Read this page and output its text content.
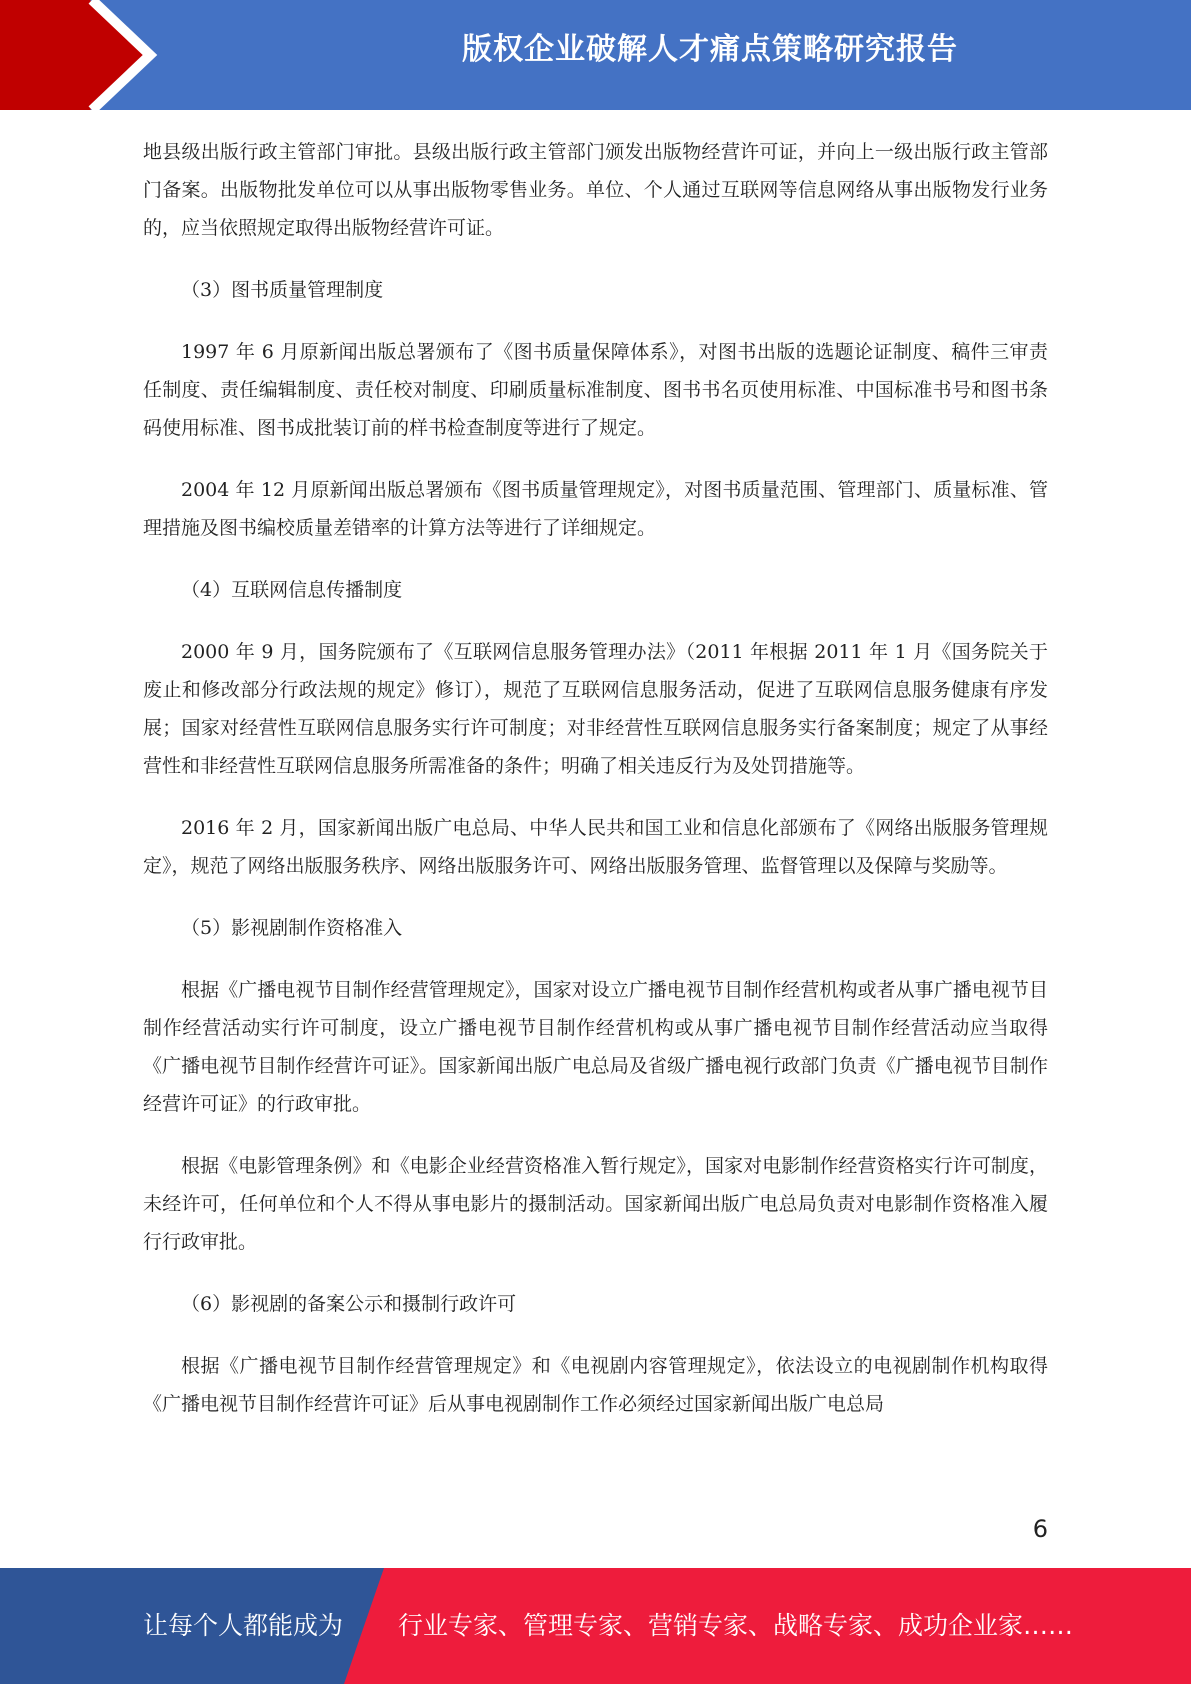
版权企业破解人才痛点策略研究报告

地县级出版行政主管部门审批。县级出版行政主管部门颁发出版物经营许可证，并向上一级出版行政主管部门备案。出版物批发单位可以从事出版物零售业务。单位、个人通过互联网等信息网络从事出版物发行业务的，应当依照规定取得出版物经营许可证。

（3）图书质量管理制度

1997 年 6 月原新闻出版总署颁布了《图书质量保障体系》，对图书出版的选题论证制度、稿件三审责任制度、责任编辑制度、责任校对制度、印刷质量标准制度、图书书名页使用标准、中国标准书号和图书条码使用标准、图书成批装订前的样书检查制度等进行了规定。

2004 年 12 月原新闻出版总署颁布《图书质量管理规定》，对图书质量范围、管理部门、质量标准、管理措施及图书编校质量差错率的计算方法等进行了详细规定。

（4）互联网信息传播制度

2000 年 9 月，国务院颁布了《互联网信息服务管理办法》（2011 年根据 2011 年 1 月《国务院关于废止和修改部分行政法规的规定》修订），规范了互联网信息服务活动，促进了互联网信息服务健康有序发展；国家对经营性互联网信息服务实行许可制度；对非经营性互联网信息服务实行备案制度；规定了从事经营性和非经营性互联网信息服务所需准备的条件；明确了相关违反行为及处罚措施等。

2016 年 2 月，国家新闻出版广电总局、中华人民共和国工业和信息化部颁布了《网络出版服务管理规定》，规范了网络出版服务秩序、网络出版服务许可、网络出版服务管理、监督管理以及保障与奖励等。

（5）影视剧制作资格准入

根据《广播电视节目制作经营管理规定》，国家对设立广播电视节目制作经营机构或者从事广播电视节目制作经营活动实行许可制度，设立广播电视节目制作经营机构或从事广播电视节目制作经营活动应当取得《广播电视节目制作经营许可证》。国家新闻出版广电总局及省级广播电视行政部门负责《广播电视节目制作经营许可证》的行政审批。

根据《电影管理条例》和《电影企业经营资格准入暂行规定》，国家对电影制作经营资格实行许可制度，未经许可，任何单位和个人不得从事电影片的摄制活动。国家新闻出版广电总局负责对电影制作资格准入履行行政审批。

（6）影视剧的备案公示和摄制行政许可

根据《广播电视节目制作经营管理规定》和《电视剧内容管理规定》，依法设立的电视剧制作机构取得《广播电视节目制作经营许可证》后从事电视剧制作工作必须经过国家新闻出版广电总局

6
让每个人都能成为 行业专家、管理专家、营销专家、战略专家、成功企业家……
